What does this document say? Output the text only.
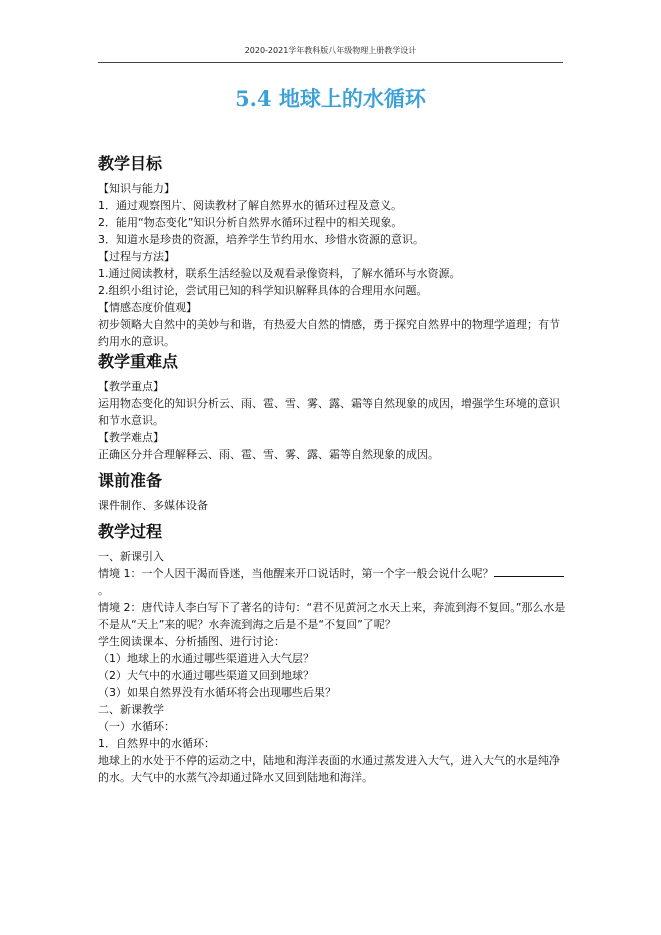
2020-2021学年教科版八年级物理上册教学设计
5.4 地球上的水循环
教学目标
【知识与能力】
1．通过观察图片、阅读教材了解自然界水的循环过程及意义。
2．能用“物态变化”知识分析自然界水循环过程中的相关现象。
3．知道水是珍贵的资源，培养学生节约用水、珍惜水资源的意识。
【过程与方法】
1.通过阅读教材，联系生活经验以及观看录像资料，了解水循环与水资源。
2.组织小组讨论，尝试用已知的科学知识解释具体的合理用水问题。
【情感态度价值观】
初步领略大自然中的美妙与和谐，有热爱大自然的情感，勇于探究自然界中的物理学道理；有节约用水的意识。
教学重难点
【教学重点】
运用物态变化的知识分析云、雨、雹、雪、雾、露、霜等自然现象的成因，增强学生环境的意识和节水意识。
【教学难点】
正确区分并合理解释云、雨、雹、雪、雾、露、霜等自然现象的成因。
课前准备
课件制作、多媒体设备
教学过程
一、新课引入
情境 1：一个人因干渴而昏迷，当他醒来开口说话时，第一个字一般会说什么呢？。
情境 2：唐代诗人李白写下了著名的诗句：“君不见黄河之水天上来，奔流到海不复回。”那么水是不是从“天上”来的呢？水奔流到海之后是不是“不复回”了呢？
学生阅读课本、分析插图、进行讨论：
（1）地球上的水通过哪些渠道进入大气层？
（2）大气中的水通过哪些渠道又回到地球？
（3）如果自然界没有水循环将会出现哪些后果？
二、新课教学
（一）水循环：
1．自然界中的水循环：
地球上的水处于不停的运动之中，陆地和海洋表面的水通过蒸发进入大气，进入大气的水是纯净的水。大气中的水蒸气冷却通过降水又回到陆地和海洋。
